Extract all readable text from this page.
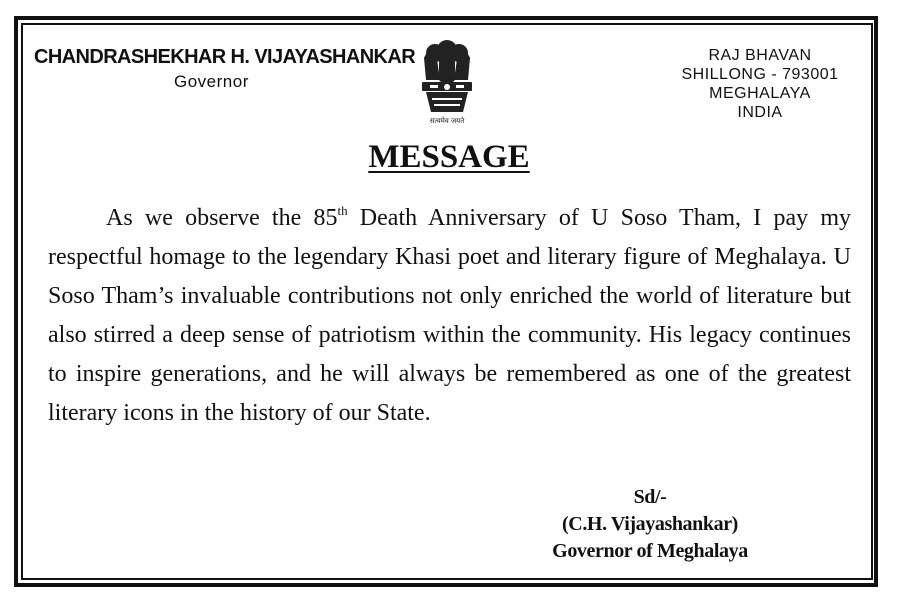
CHANDRASHEKHAR H. VIJAYASHANKAR
Governor
सत्यमेव जयते
RAJ BHAVAN
SHILLONG - 793001
MEGHALAYA
INDIA
MESSAGE

As we observe the 85th Death Anniversary of U Soso Tham, I pay my respectful homage to the legendary Khasi poet and literary figure of Meghalaya. U Soso Tham’s invaluable contributions not only enriched the world of literature but also stirred a deep sense of patriotism within the community. His legacy continues to inspire generations, and he will always be remembered as one of the greatest literary icons in the history of our State.

Sd/-
(C.H. Vijayashankar)
Governor of Meghalaya
